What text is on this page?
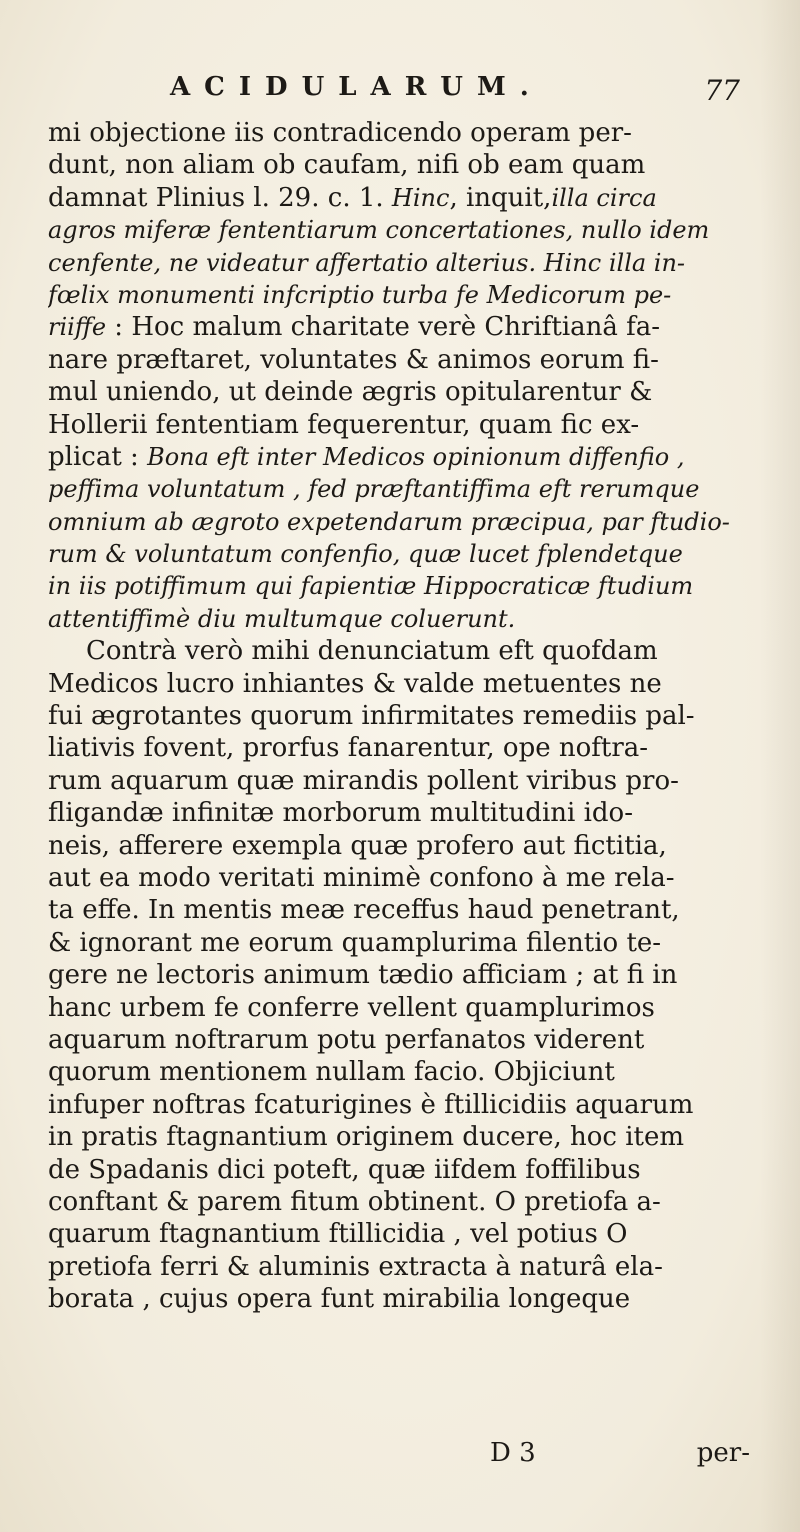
ACIDULARUM.	77
mi objectione iis contradicendo operam per-
dunt, non aliam ob caufam, nifi ob eam quam
damnat Plinius l. 29. c. 1. Hinc, inquit,illa circa
agros miferæ fententiarum concertationes, nullo idem
cenfente, ne videatur affertatio alterius. Hinc illa in-
fœlix monumenti infcriptio turba fe Medicorum pe-
riiffe : Hoc malum charitate verè Chriftianâ fa-
nare præftaret, voluntates & animos eorum fi-
mul uniendo, ut deinde ægris opitularentur &
Hollerii fententiam fequerentur, quam fic ex-
plicat : Bona eft inter Medicos opinionum diffenfio ,
peffima voluntatum , fed præftantiffima eft rerumque
omnium ab ægroto expetendarum præcipua, par ftudio-
rum & voluntatum confenfio, quæ lucet fplendetque
in iis potiffimum qui fapientiæ Hippocraticæ ftudium
attentiffimè diu multumque coluerunt.
Contrà verò mihi denunciatum eft quofdam
Medicos lucro inhiantes & valde metuentes ne
fui ægrotantes quorum infirmitates remediis pal-
liativis fovent, prorfus fanarentur, ope noftra-
rum aquarum quæ mirandis pollent viribus pro-
fligandæ infinitæ morborum multitudini ido-
neis, afferere exempla quæ profero aut fictitia,
aut ea modo veritati minimè confono à me rela-
ta effe. In mentis meæ receffus haud penetrant,
& ignorant me eorum quamplurima filentio te-
gere ne lectoris animum tædio afficiam ; at fi in
hanc urbem fe conferre vellent quamplurimos
aquarum noftrarum potu perfanatos viderent
quorum mentionem nullam facio. Objiciunt
infuper noftras fcaturigines è ftillicidiis aquarum
in pratis ftagnantium originem ducere, hoc item
de Spadanis dici poteft, quæ iifdem foffilibus
conftant & parem fitum obtinent. O pretiofa a-
quarum ftagnantium ftillicidia , vel potius O
pretiofa ferri & aluminis extracta à naturâ ela-
borata , cujus opera funt mirabilia longeque
D 3	per-
